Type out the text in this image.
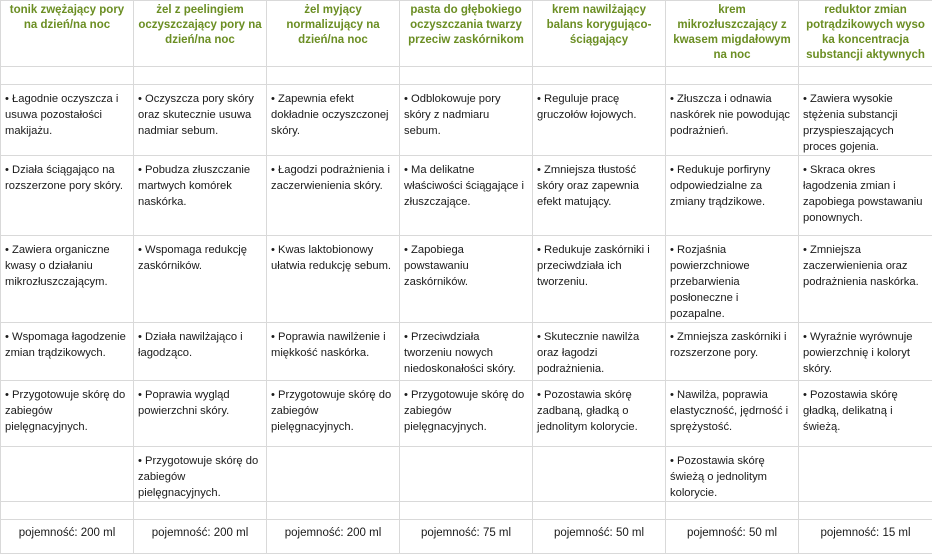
tonik zwężający pory na dzień/na noc	żel z peelingiem oczyszczający pory na dzień/na noc	żel myjący normalizujący na dzień/na noc	pasta do głębokiego oczyszczania twarzy przeciw zaskórnikom	krem nawilżający balans korygująco-ściągający	krem mikrozłuszczający z kwasem migdałowym na noc	reduktor zmian potrądzikowych wyso ka koncentracja substancji aktywnych

• Łagodnie oczyszcza i usuwa pozostałości makijażu.	• Oczyszcza pory skóry oraz skutecznie usuwa nadmiar sebum.	• Zapewnia efekt dokładnie oczyszczonej skóry.	• Odblokowuje pory skóry z nadmiaru sebum.	• Reguluje pracę gruczołów łojowych.	• Złuszcza i odnawia naskórek nie powodując podrażnień.	• Zawiera wysokie stężenia substancji przyspieszających proces gojenia.

• Działa ściągająco na rozszerzone pory skóry.	• Pobudza złuszczanie martwych komórek naskórka.	• Łagodzi podrażnienia i zaczerwienienia skóry.	• Ma delikatne właściwości ściągające i złuszczające.	• Zmniejsza tłustość skóry oraz zapewnia efekt matujący.	• Redukuje porfiryny odpowiedzialne za zmiany trądzikowe.	• Skraca okres łagodzenia zmian i zapobiega powstawaniu ponownych.

• Zawiera organiczne kwasy o działaniu mikrozłuszczającym.	• Wspomaga redukcję zaskórników.	• Kwas laktobionowy ułatwia redukcję sebum.	• Zapobiega powstawaniu zaskórników.	• Redukuje zaskórniki i przeciwdziała ich tworzeniu.	• Rozjaśnia powierzchniowe przebarwienia posłoneczne i pozapalne.	• Zmniejsza zaczerwienienia oraz podrażnienia naskórka.

• Wspomaga łagodzenie zmian trądzikowych.	• Działa nawilżająco i łagodząco.	• Poprawia nawilżenie i miękkość naskórka.	• Przeciwdziała tworzeniu nowych niedoskonałości skóry.	• Skutecznie nawilża oraz łagodzi podrażnienia.	• Zmniejsza zaskórniki i rozszerzone pory.	• Wyraźnie wyrównuje powierzchnię i koloryt skóry.

• Przygotowuje skórę do zabiegów pielęgnacyjnych.	• Poprawia wygląd powierzchni skóry.	• Przygotowuje skórę do zabiegów pielęgnacyjnych.	• Przygotowuje skórę do zabiegów pielęgnacyjnych.	• Pozostawia skórę zadbaną, gładką o jednolitym kolorycie.	• Nawilża, poprawia elastyczność, jędrność i sprężystość.	• Pozostawia skórę gładką, delikatną i świeżą.

	• Przygotowuje skórę do zabiegów pielęgnacyjnych.				• Pozostawia skórę świeżą o jednolitym kolorycie.	

pojemność: 200 ml	pojemność: 200 ml	pojemność: 200 ml	pojemność: 75 ml	pojemność: 50 ml	pojemność: 50 ml	pojemność: 15 ml
